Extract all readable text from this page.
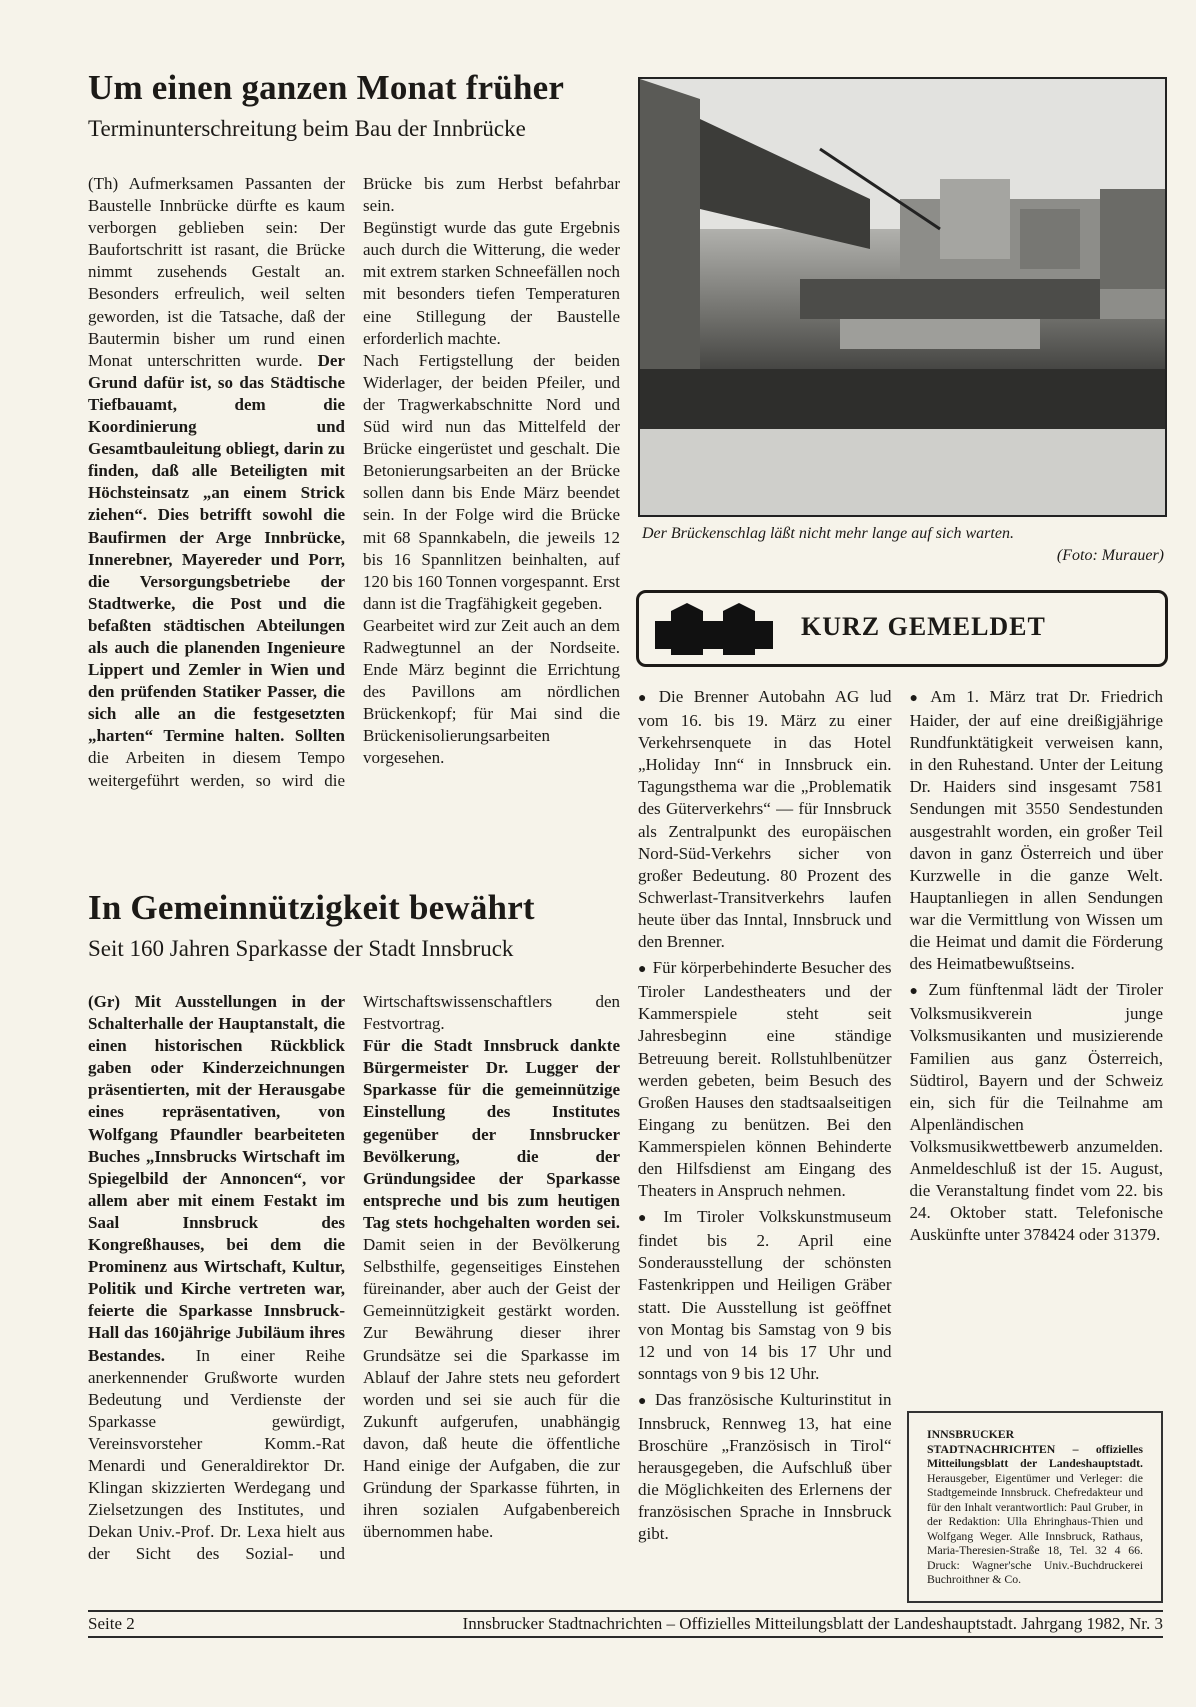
Um einen ganzen Monat früher
Terminunterschreitung beim Bau der Innbrücke

(Th) Aufmerksamen Passanten der Baustelle Innbrücke dürfte es kaum verborgen geblieben sein: Der Baufortschritt ist rasant, die Brücke nimmt zusehends Gestalt an. Besonders erfreulich, weil selten geworden, ist die Tatsache, daß der Bautermin bisher um rund einen Monat unterschritten wurde. Der Grund dafür ist, so das Städtische Tiefbauamt, dem die Koordinierung und Gesamtbauleitung obliegt, darin zu finden, daß alle Beteiligten mit Höchsteinsatz „an einem Strick ziehen“. Dies betrifft sowohl die Baufirmen der Arge Innbrücke, Innerebner, Mayereder und Porr, die Versorgungsbetriebe der Stadtwerke, die Post und die befaßten städtischen Abteilungen als auch die planenden Ingenieure Lippert und Zemler in Wien und den prüfenden Statiker Passer, die sich alle an die festgesetzten „harten“ Termine halten. Sollten die Arbeiten in diesem Tempo weitergeführt werden, so wird die Brücke bis zum Herbst befahrbar sein.

Begünstigt wurde das gute Ergebnis auch durch die Witterung, die weder mit extrem starken Schneefällen noch mit besonders tiefen Temperaturen eine Stillegung der Baustelle erforderlich machte.

Nach Fertigstellung der beiden Widerlager, der beiden Pfeiler, und der Tragwerkabschnitte Nord und Süd wird nun das Mittelfeld der Brücke eingerüstet und geschalt. Die Betonierungsarbeiten an der Brücke sollen dann bis Ende März beendet sein. In der Folge wird die Brücke mit 68 Spannkabeln, die jeweils 12 bis 16 Spannlitzen beinhalten, auf 120 bis 160 Tonnen vorgespannt. Erst dann ist die Tragfähigkeit gegeben.

Gearbeitet wird zur Zeit auch an dem Radwegtunnel an der Nordseite. Ende März beginnt die Errichtung des Pavillons am nördlichen Brückenkopf; für Mai sind die Brückenisolierungsarbeiten vorgesehen.

Der Brückenschlag läßt nicht mehr lange auf sich warten.
(Foto: Murauer)
KURZ GEMELDET

● Die Brenner Autobahn AG lud vom 16. bis 19. März zu einer Verkehrsenquete in das Hotel „Holiday Inn“ in Innsbruck ein. Tagungsthema war die „Problematik des Güterverkehrs“ — für Innsbruck als Zentralpunkt des europäischen Nord-Süd-Verkehrs sicher von großer Bedeutung. 80 Prozent des Schwerlast-Transitverkehrs laufen heute über das Inntal, Innsbruck und den Brenner.

● Für körperbehinderte Besucher des Tiroler Landestheaters und der Kammerspiele steht seit Jahresbeginn eine ständige Betreuung bereit. Rollstuhlbenützer werden gebeten, beim Besuch des Großen Hauses den stadtsaalseitigen Eingang zu benützen. Bei den Kammerspielen können Behinderte den Hilfsdienst am Eingang des Theaters in Anspruch nehmen.

● Im Tiroler Volkskunstmuseum findet bis 2. April eine Sonderausstellung der schönsten Fastenkrippen und Heiligen Gräber statt. Die Ausstellung ist geöffnet von Montag bis Samstag von 9 bis 12 und von 14 bis 17 Uhr und sonntags von 9 bis 12 Uhr.

● Das französische Kulturinstitut in Innsbruck, Rennweg 13, hat eine Broschüre „Französisch in Tirol“ herausgegeben, die Aufschluß über die Möglichkeiten des Erlernens der französischen Sprache in Innsbruck gibt.

● Am 1. März trat Dr. Friedrich Haider, der auf eine dreißigjährige Rundfunktätigkeit verweisen kann, in den Ruhestand. Unter der Leitung Dr. Haiders sind insgesamt 7581 Sendungen mit 3550 Sendestunden ausgestrahlt worden, ein großer Teil davon in ganz Österreich und über Kurzwelle in die ganze Welt. Hauptanliegen in allen Sendungen war die Vermittlung von Wissen um die Heimat und damit die Förderung des Heimatbewußtseins.

● Zum fünftenmal lädt der Tiroler Volksmusikverein junge Volksmusikanten und musizierende Familien aus ganz Österreich, Südtirol, Bayern und der Schweiz ein, sich für die Teilnahme am Alpenländischen Volksmusikwettbewerb anzumelden. Anmeldeschluß ist der 15. August, die Veranstaltung findet vom 22. bis 24. Oktober statt. Telefonische Auskünfte unter 378424 oder 31379.

INNSBRUCKER STADTNACHRICHTEN – offizielles Mitteilungsblatt der Landeshauptstadt. Herausgeber, Eigentümer und Verleger: die Stadtgemeinde Innsbruck. Chefredakteur und für den Inhalt verantwortlich: Paul Gruber, in der Redaktion: Ulla Ehringhaus-Thien und Wolfgang Weger. Alle Innsbruck, Rathaus, Maria-Theresien-Straße 18, Tel. 32 4 66. Druck: Wagner'sche Univ.-Buchdruckerei Buchroithner & Co.
In Gemeinnützigkeit bewährt
Seit 160 Jahren Sparkasse der Stadt Innsbruck

(Gr) Mit Ausstellungen in der Schalterhalle der Hauptanstalt, die einen historischen Rückblick gaben oder Kinderzeichnungen präsentierten, mit der Herausgabe eines repräsentativen, von Wolfgang Pfaundler bearbeiteten Buches „Innsbrucks Wirtschaft im Spiegelbild der Annoncen“, vor allem aber mit einem Festakt im Saal Innsbruck des Kongreßhauses, bei dem die Prominenz aus Wirtschaft, Kultur, Politik und Kirche vertreten war, feierte die Sparkasse Innsbruck-Hall das 160jährige Jubiläum ihres Bestandes. In einer Reihe anerkennender Grußworte wurden Bedeutung und Verdienste der Sparkasse gewürdigt, Vereinsvorsteher Komm.-Rat Menardi und Generaldirektor Dr. Klingan skizzierten Werdegang und Zielsetzungen des Institutes, und Dekan Univ.-Prof. Dr. Lexa hielt aus der Sicht des Sozial- und Wirtschaftswissenschaftlers den Festvortrag.

Für die Stadt Innsbruck dankte Bürgermeister Dr. Lugger der Sparkasse für die gemeinnützige Einstellung des Institutes gegenüber der Innsbrucker Bevölkerung, die der Gründungsidee der Sparkasse entspreche und bis zum heutigen Tag stets hochgehalten worden sei. Damit seien in der Bevölkerung Selbsthilfe, gegenseitiges Einstehen füreinander, aber auch der Geist der Gemeinnützigkeit gestärkt worden. Zur Bewährung dieser ihrer Grundsätze sei die Sparkasse im Ablauf der Jahre stets neu gefordert worden und sei sie auch für die Zukunft aufgerufen, unabhängig davon, daß heute die öffentliche Hand einige der Aufgaben, die zur Gründung der Sparkasse führten, in ihren sozialen Aufgabenbereich übernommen habe.

Seite 2	Innsbrucker Stadtnachrichten – Offizielles Mitteilungsblatt der Landeshauptstadt. Jahrgang 1982, Nr. 3
